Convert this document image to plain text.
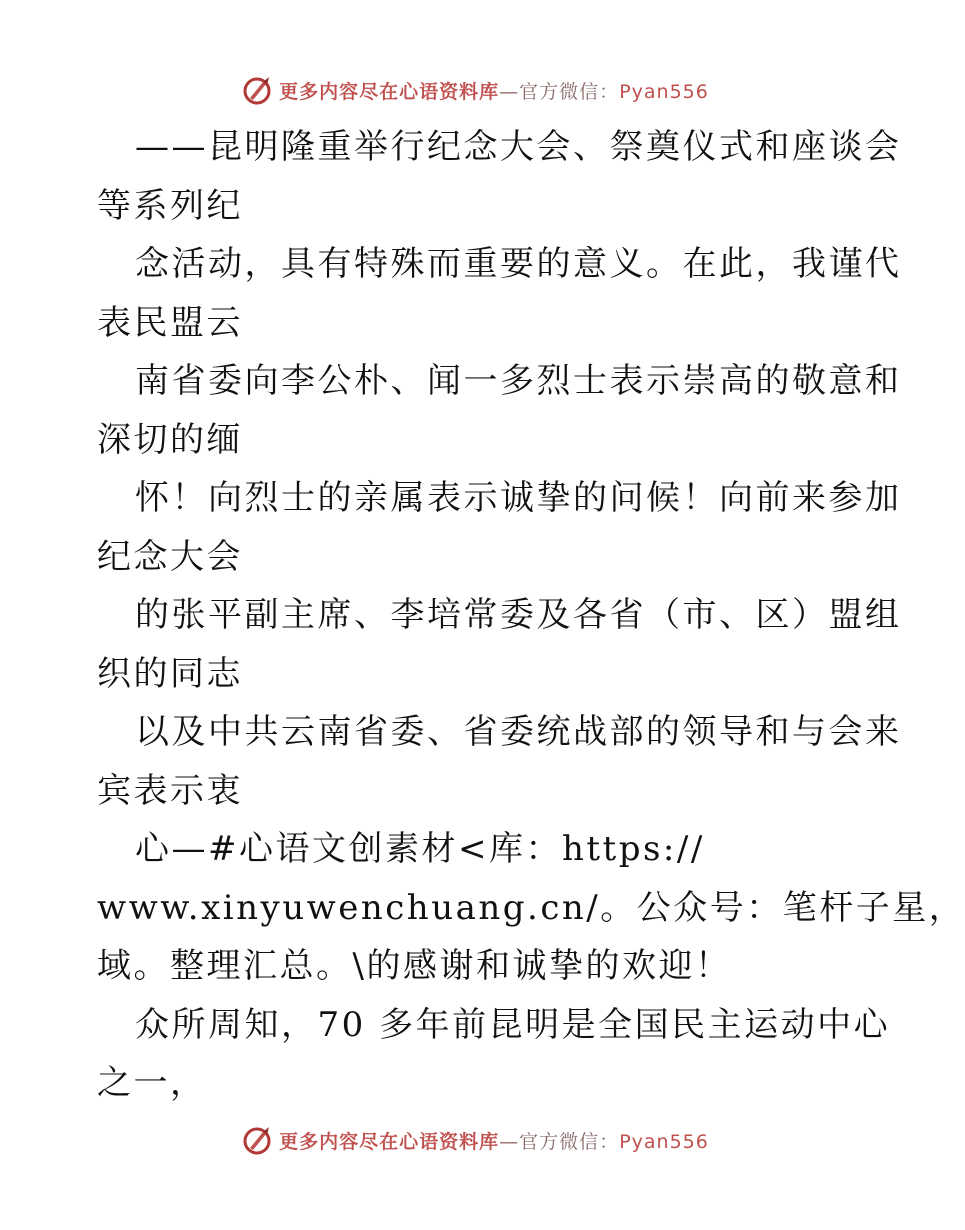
更多内容尽在心语资料库—官方微信：Pyan556
——昆明隆重举行纪念大会、祭奠仪式和座谈会
等系列纪
念活动，具有特殊而重要的意义。在此，我谨代
表民盟云
南省委向李公朴、闻一多烈士表示崇高的敬意和
深切的缅
怀！向烈士的亲属表示诚挚的问候！向前来参加
纪念大会
的张平副主席、李培常委及各省（市、区）盟组
织的同志
以及中共云南省委、省委统战部的领导和与会来
宾表示衷
心—#心语文创素材<库：https://
www.xinyuwenchuang.cn/。公众号：笔杆子星，
域。整理汇总。\的感谢和诚挚的欢迎！
众所周知，70 多年前昆明是全国民主运动中心
之一，
更多内容尽在心语资料库—官方微信：Pyan556
